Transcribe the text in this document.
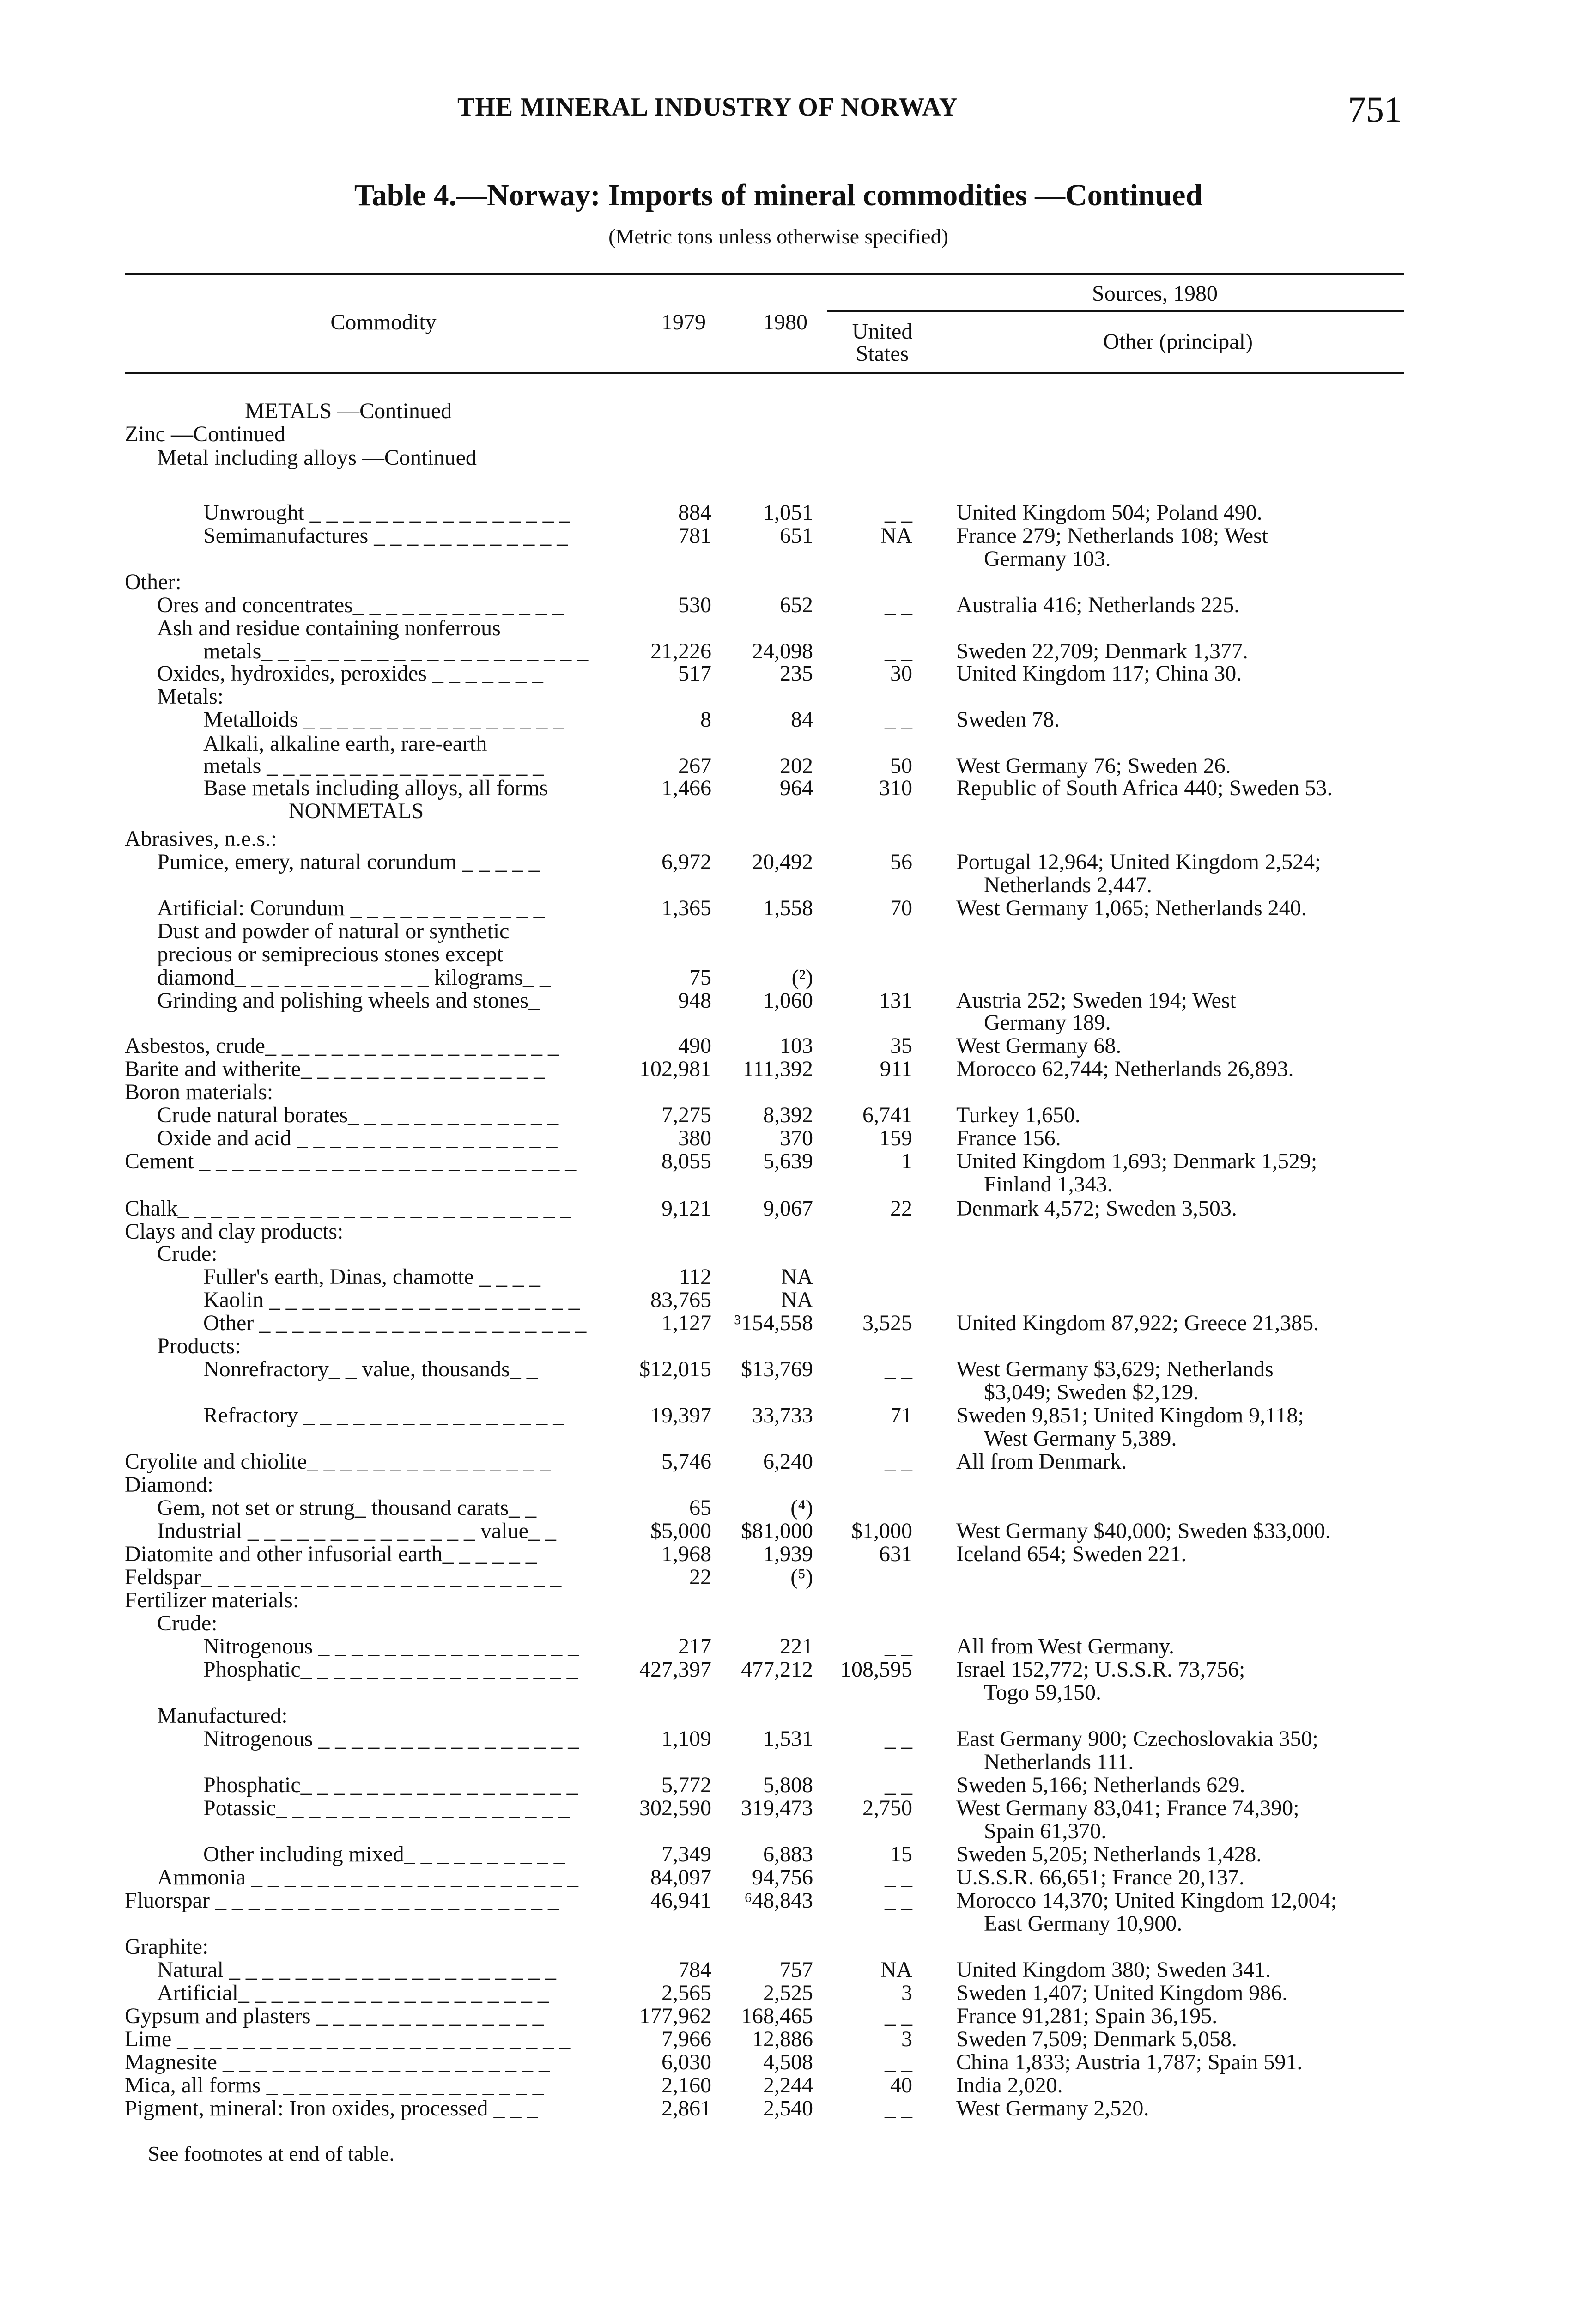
THE MINERAL INDUSTRY OF NORWAY	751
Table 4.—Norway: Imports of mineral commodities —Continued
(Metric tons unless otherwise specified)
Commodity	1979	1980
Sources, 1980
United
States	Other (principal)
METALS —Continued
Zinc —Continued
Metal including alloys —Continued
Unwrought _ _ _ _ _ _ _ _ _ _ _ _ _ _ _ _	884 1,051	_ _ United Kingdom 504; Poland 490.
Semimanufactures _ _ _ _ _ _ _ _ _ _ _ _	781	651	NA France 279; Netherlands 108; West
Germany 103.
Other:
Ores and concentrates_ _ _ _ _ _ _ _ _ _ _ _ _	530	652	_ _ Australia 416; Netherlands 225.
Ash and residue containing nonferrous
metals_ _ _ _ _ _ _ _ _ _ _ _ _ _ _ _ _ _ _ _	21,226 24,098	_ _ Sweden 22,709; Denmark 1,377.
Oxides, hydroxides, peroxides _ _ _ _ _ _ _	517	235	30 United Kingdom 117; China 30.
Metals:
Metalloids _ _ _ _ _ _ _ _ _ _ _ _ _ _ _ _	8	84	_ _ Sweden 78.
Alkali, alkaline earth, rare-earth
metals _ _ _ _ _ _ _ _ _ _ _ _ _ _ _ _ _	267	202	50 West Germany 76; Sweden 26.
Base metals including alloys, all forms	1,466	964	310 Republic of South Africa 440; Sweden 53.
NONMETALS
Abrasives, n.e.s.:
Pumice, emery, natural corundum _ _ _ _ _	6,972 20,492	56 Portugal 12,964; United Kingdom 2,524;
Netherlands 2,447.
Artificial: Corundum _ _ _ _ _ _ _ _ _ _ _ _	1,365 1,558	70 West Germany 1,065; Netherlands 240.
Dust and powder of natural or synthetic
precious or semiprecious stones except
diamond_ _ _ _ _ _ _ _ _ _ _ _ kilograms_ _	75	(²)
Grinding and polishing wheels and stones_	948 1,060	131 Austria 252; Sweden 194; West
Germany 189.
Asbestos, crude_ _ _ _ _ _ _ _ _ _ _ _ _ _ _ _ _ _	490	103	35 West Germany 68.
Barite and witherite_ _ _ _ _ _ _ _ _ _ _ _ _ _ _	102,981 111,392	911 Morocco 62,744; Netherlands 26,893.
Boron materials:
Crude natural borates_ _ _ _ _ _ _ _ _ _ _ _ _	7,275 8,392 6,741 Turkey 1,650.
Oxide and acid _ _ _ _ _ _ _ _ _ _ _ _ _ _ _ _	380	370	159 France 156.
Cement _ _ _ _ _ _ _ _ _ _ _ _ _ _ _ _ _ _ _ _ _ _ _	8,055 5,639	1 United Kingdom 1,693; Denmark 1,529;
Finland 1,343.
Chalk_ _ _ _ _ _ _ _ _ _ _ _ _ _ _ _ _ _ _ _ _ _ _ _	9,121 9,067	22 Denmark 4,572; Sweden 3,503.
Clays and clay products:
Crude:
Fuller's earth, Dinas, chamotte _ _ _ _	112	NA
Kaolin _ _ _ _ _ _ _ _ _ _ _ _ _ _ _ _ _ _ _	83,765	NA
Other _ _ _ _ _ _ _ _ _ _ _ _ _ _ _ _ _ _ _ _	1,127 ³154,558 3,525 United Kingdom 87,922; Greece 21,385.
Products:
Nonrefractory_ _ value, thousands_ _	$12,015 $13,769	_ _ West Germany $3,629; Netherlands
$3,049; Sweden $2,129.
Refractory _ _ _ _ _ _ _ _ _ _ _ _ _ _ _ _	19,397 33,733	71 Sweden 9,851; United Kingdom 9,118;
West Germany 5,389.
Cryolite and chiolite_ _ _ _ _ _ _ _ _ _ _ _ _ _ _	5,746 6,240	_ _ All from Denmark.
Diamond:
Gem, not set or strung_ thousand carats_ _	65	(⁴)
Industrial _ _ _ _ _ _ _ _ _ _ _ _ _ _ value_ _	$5,000 $81,000 $1,000 West Germany $40,000; Sweden $33,000.
Diatomite and other infusorial earth_ _ _ _ _ _	1,968 1,939	631 Iceland 654; Sweden 221.
Feldspar_ _ _ _ _ _ _ _ _ _ _ _ _ _ _ _ _ _ _ _ _ _	22	(⁵)
Fertilizer materials:
Crude:
Nitrogenous _ _ _ _ _ _ _ _ _ _ _ _ _ _ _ _	217	221	_ _ All from West Germany.
Phosphatic_ _ _ _ _ _ _ _ _ _ _ _ _ _ _ _ _	427,397 477,212 108,595 Israel 152,772; U.S.S.R. 73,756;
Togo 59,150.
Manufactured:
Nitrogenous _ _ _ _ _ _ _ _ _ _ _ _ _ _ _ _	1,109 1,531	_ _ East Germany 900; Czechoslovakia 350;
Netherlands 111.
Phosphatic_ _ _ _ _ _ _ _ _ _ _ _ _ _ _ _ _	5,772 5,808	_ _ Sweden 5,166; Netherlands 629.
Potassic_ _ _ _ _ _ _ _ _ _ _ _ _ _ _ _ _ _	302,590 319,473 2,750 West Germany 83,041; France 74,390;
Spain 61,370.
Other including mixed_ _ _ _ _ _ _ _ _ _	7,349 6,883	15 Sweden 5,205; Netherlands 1,428.
Ammonia _ _ _ _ _ _ _ _ _ _ _ _ _ _ _ _ _ _ _ _	84,097 94,756	_ _ U.S.S.R. 66,651; France 20,137.
Fluorspar _ _ _ _ _ _ _ _ _ _ _ _ _ _ _ _ _ _ _ _ _	46,941 ⁶48,843	_ _ Morocco 14,370; United Kingdom 12,004;
East Germany 10,900.
Graphite:
Natural _ _ _ _ _ _ _ _ _ _ _ _ _ _ _ _ _ _ _ _	784	757	NA United Kingdom 380; Sweden 341.
Artificial_ _ _ _ _ _ _ _ _ _ _ _ _ _ _ _ _ _ _	2,565 2,525	3 Sweden 1,407; United Kingdom 986.
Gypsum and plasters _ _ _ _ _ _ _ _ _ _ _ _ _ _	177,962 168,465	_ _ France 91,281; Spain 36,195.
Lime _ _ _ _ _ _ _ _ _ _ _ _ _ _ _ _ _ _ _ _ _ _ _ _	7,966 12,886	3 Sweden 7,509; Denmark 5,058.
Magnesite _ _ _ _ _ _ _ _ _ _ _ _ _ _ _ _ _ _ _ _	6,030 4,508	_ _ China 1,833; Austria 1,787; Spain 591.
Mica, all forms _ _ _ _ _ _ _ _ _ _ _ _ _ _ _ _ _	2,160 2,244	40 India 2,020.
Pigment, mineral: Iron oxides, processed _ _ _	2,861 2,540	_ _ West Germany 2,520.
See footnotes at end of table.
